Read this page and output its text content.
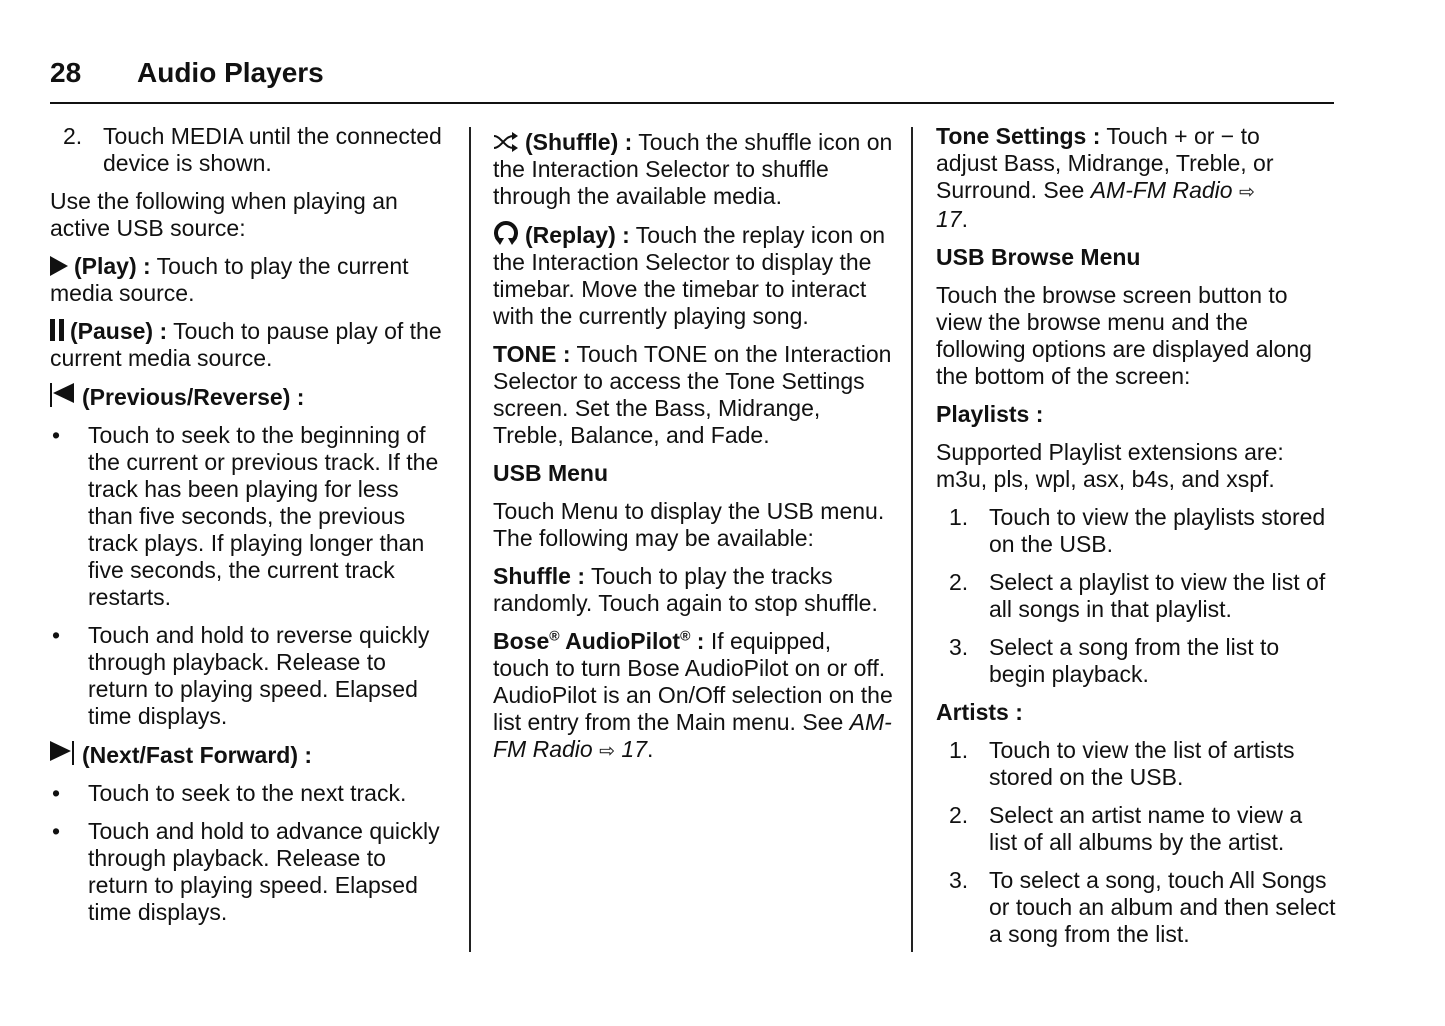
28 Audio Players
2. Touch MEDIA until the connected device is shown.

Use the following when playing an active USB source:

(Play) : Touch to play the current media source.

(Pause) : Touch to pause play of the current media source.

(Previous/Reverse) :

• Touch to seek to the beginning of the current or previous track. If the track has been playing for less than five seconds, the previous track plays. If playing longer than five seconds, the current track restarts.
• Touch and hold to reverse quickly through playback. Release to return to playing speed. Elapsed time displays.

(Next/Fast Forward) :

• Touch to seek to the next track.
• Touch and hold to advance quickly through playback. Release to return to playing speed. Elapsed time displays.

(Shuffle) : Touch the shuffle icon on the Interaction Selector to shuffle through the available media.

(Replay) : Touch the replay icon on the Interaction Selector to display the timebar. Move the timebar to interact with the currently playing song.

TONE : Touch TONE on the Interaction Selector to access the Tone Settings screen. Set the Bass, Midrange, Treble, Balance, and Fade.

USB Menu

Touch Menu to display the USB menu. The following may be available:

Shuffle : Touch to play the tracks randomly. Touch again to stop shuffle.

Bose® AudioPilot® : If equipped, touch to turn Bose AudioPilot on or off. AudioPilot is an On/Off selection on the list entry from the Main menu. See AM-FM Radio ⇨ 17.

Tone Settings : Touch + or − to adjust Bass, Midrange, Treble, or Surround. See AM-FM Radio ⇨ 17.

USB Browse Menu

Touch the browse screen button to view the browse menu and the following options are displayed along the bottom of the screen:

Playlists :

Supported Playlist extensions are: m3u, pls, wpl, asx, b4s, and xspf.

1. Touch to view the playlists stored on the USB.
2. Select a playlist to view the list of all songs in that playlist.
3. Select a song from the list to begin playback.

Artists :

1. Touch to view the list of artists stored on the USB.
2. Select an artist name to view a list of all albums by the artist.
3. To select a song, touch All Songs or touch an album and then select a song from the list.
